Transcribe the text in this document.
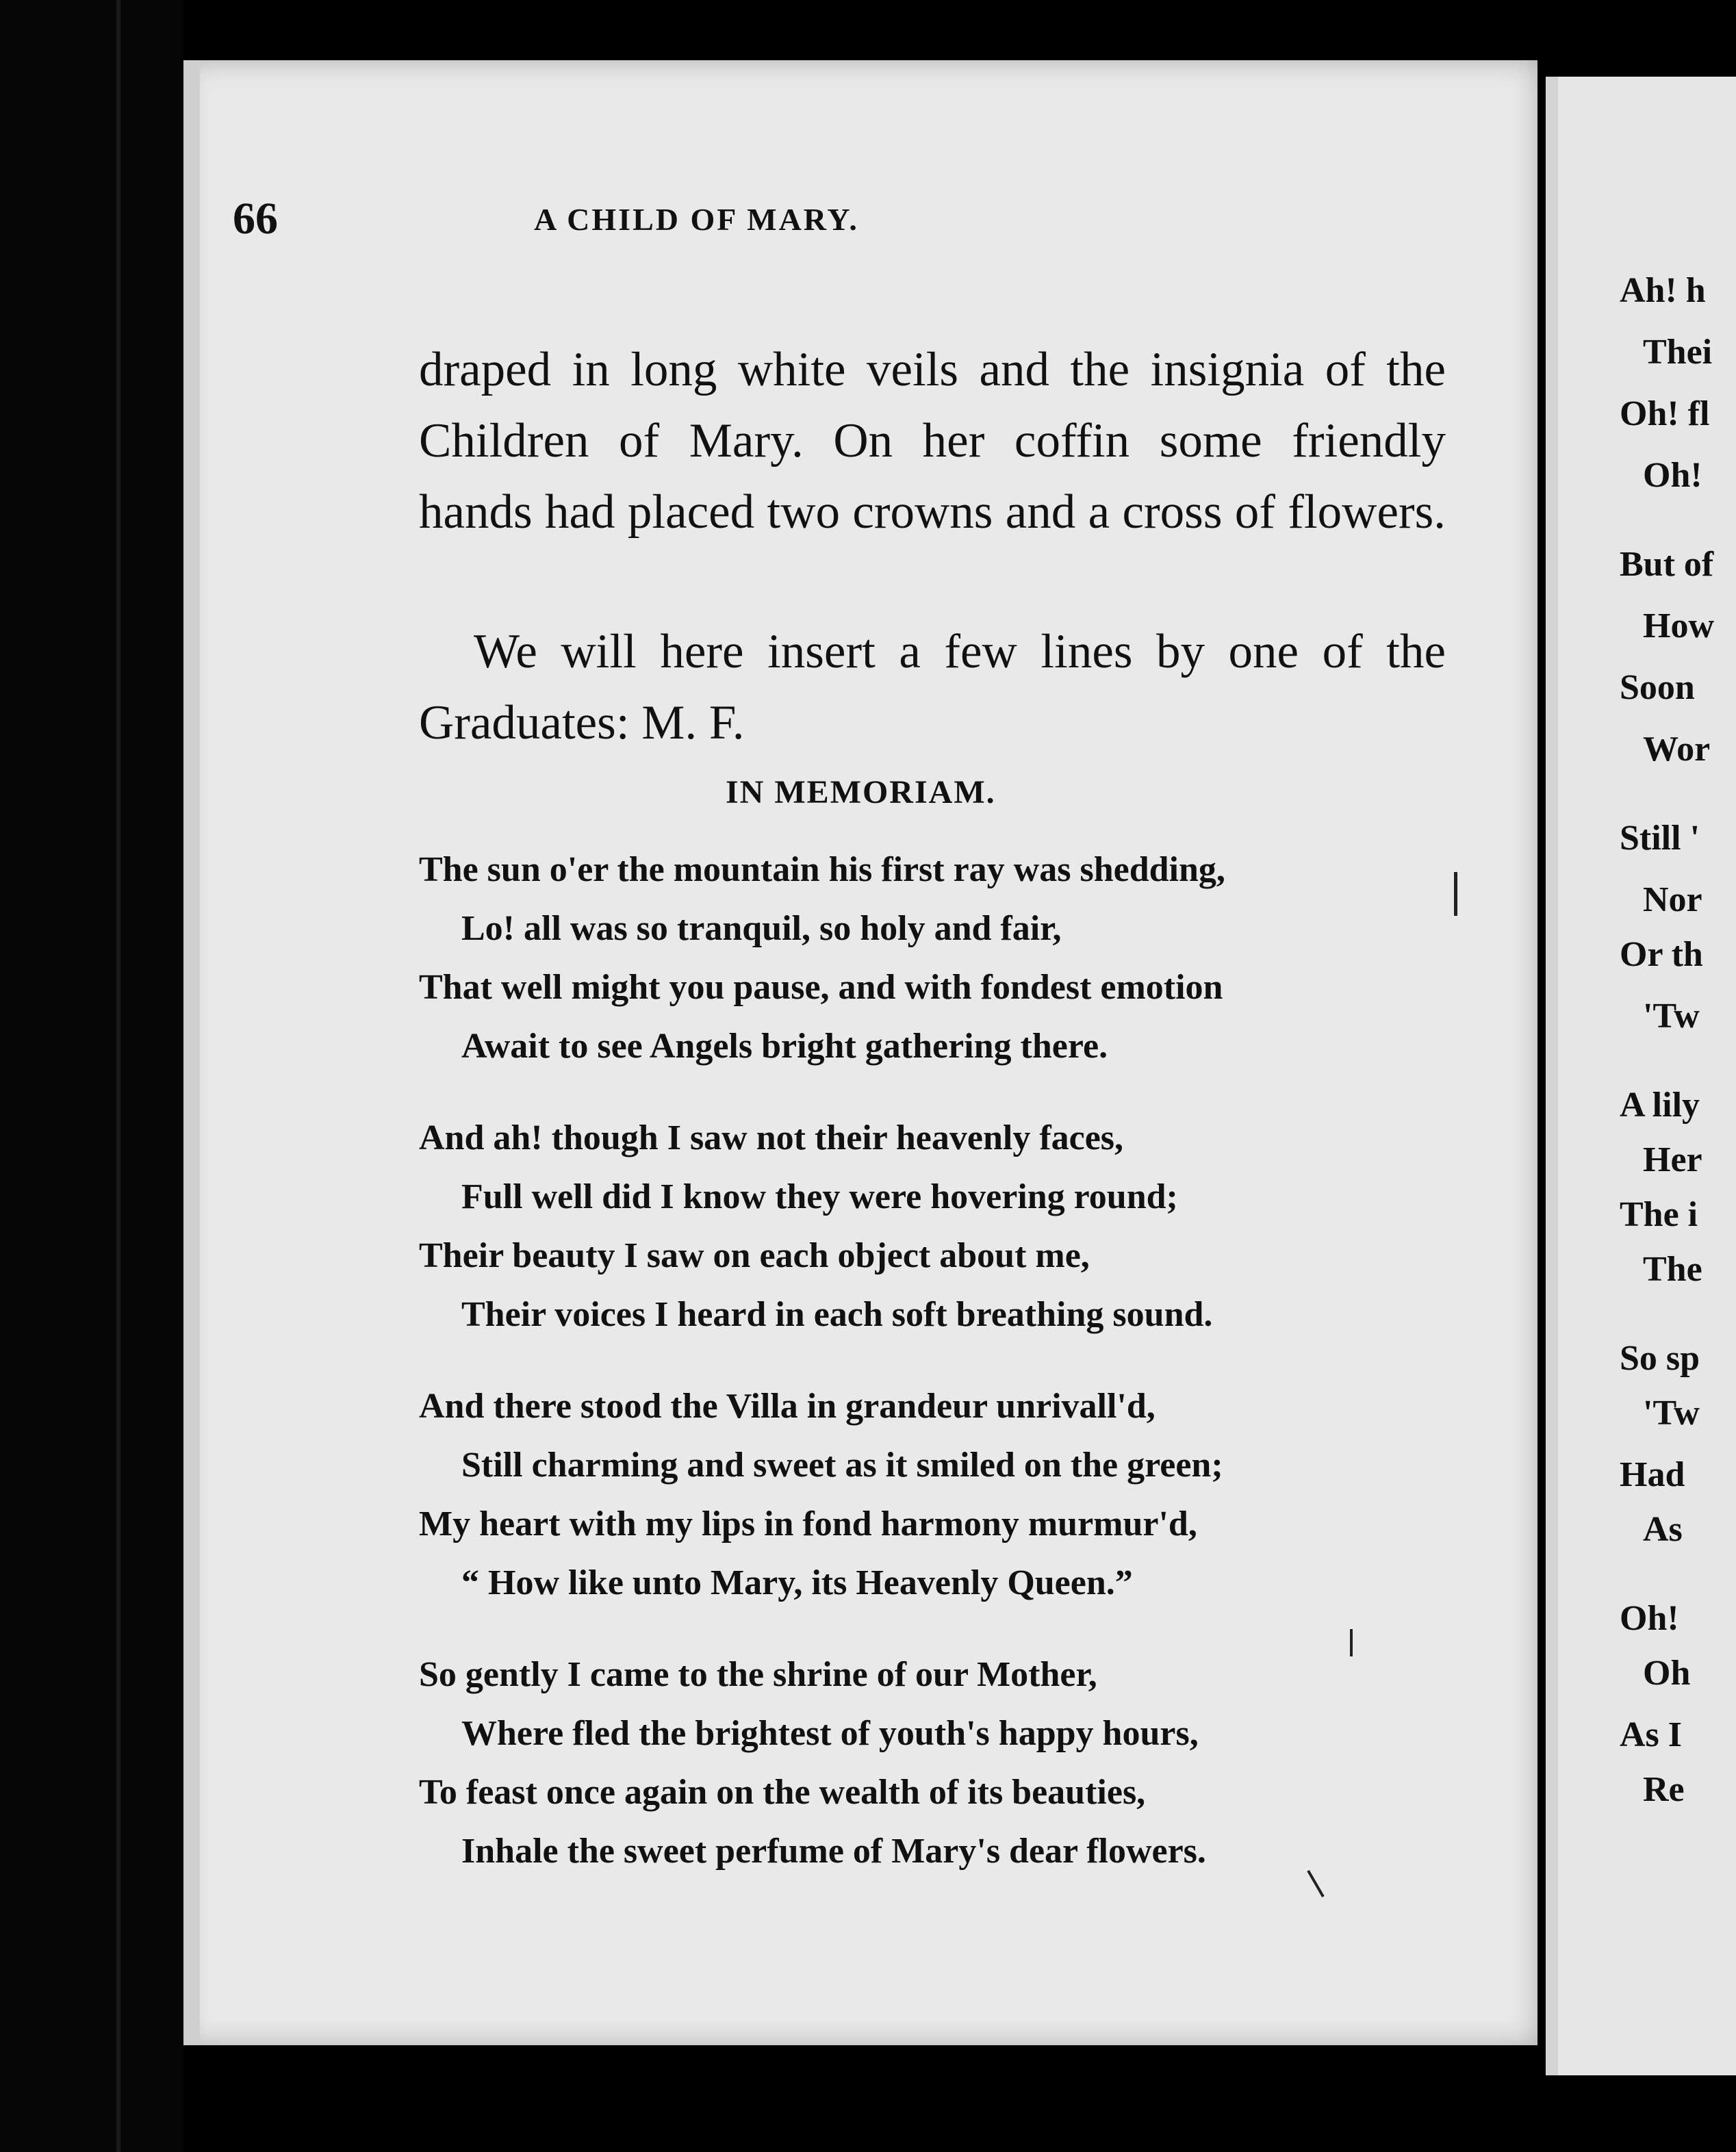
66	A CHILD OF MARY.

draped in long white veils and the insignia of the Children of Mary. On her coffin some friendly hands had placed two crowns and a cross of flowers.

We will here insert a few lines by one of the
Graduates: M. F.

IN MEMORIAM.
The sun o'er the mountain his first ray was shedding,
Lo! all was so tranquil, so holy and fair,
That well might you pause, and with fondest emotion
Await to see Angels bright gathering there.
And ah! though I saw not their heavenly faces,
Full well did I know they were hovering round;
Their beauty I saw on each object about me,
Their voices I heard in each soft breathing sound.
And there stood the Villa in grandeur unrivall'd,
Still charming and sweet as it smiled on the green;
My heart with my lips in fond harmony murmur'd,
“ How like unto Mary, its Heavenly Queen.”
So gently I came to the shrine of our Mother,
Where fled the brightest of youth's happy hours,
To feast once again on the wealth of its beauties,
Inhale the sweet perfume of Mary's dear flowers.
Ah! h
Thei
Oh! fl
Oh!
But of
How
Soon
Wor
Still '
Nor
Or th
'Tw
A lily
Her
The i
The
So sp
'Tw
Had
As
Oh!
Oh
As I
Re
